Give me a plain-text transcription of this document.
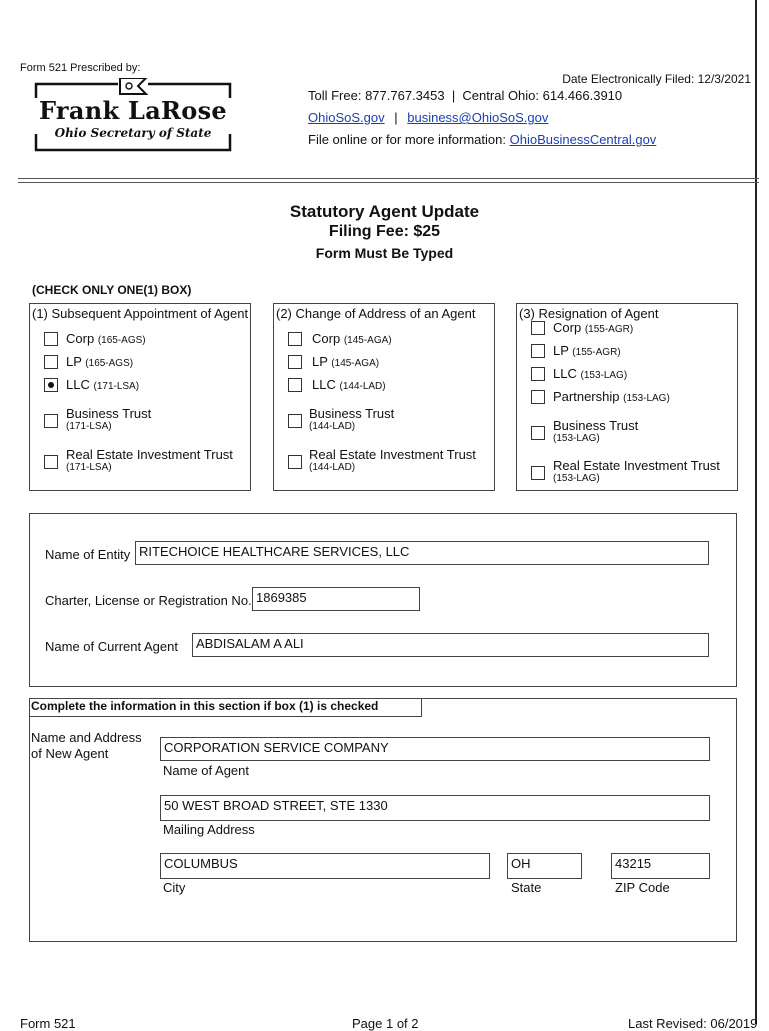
Form 521 Prescribed by:
Frank LaRose
Ohio Secretary of State
Date Electronically Filed: 12/3/2021
Toll Free: 877.767.3453  |  Central Ohio: 614.466.3910
OhioSoS.gov | business@OhioSoS.gov
File online or for more information: OhioBusinessCentral.gov
Statutory Agent Update
Filing Fee: $25
Form Must Be Typed
(CHECK ONLY ONE(1) BOX)
(1) Subsequent Appointment of Agent
Corp (165-AGS)
LP (165-AGS)
LLC (171-LSA)
Business Trust
(171-LSA)
Real Estate Investment Trust
(171-LSA)
(2) Change of Address of an Agent
Corp (145-AGA)
LP (145-AGA)
LLC (144-LAD)
Business Trust
(144-LAD)
Real Estate Investment Trust
(144-LAD)
(3) Resignation of Agent
Corp (155-AGR)
LP (155-AGR)
LLC (153-LAG)
Partnership (153-LAG)
Business Trust
(153-LAG)
Real Estate Investment Trust
(153-LAG)
Name of Entity RITECHOICE HEALTHCARE SERVICES, LLC
Charter, License or Registration No. 1869385
Name of Current Agent	ABDISALAM A ALI
Complete the information in this section if box (1) is checked
Name and Address
of New Agent	CORPORATION SERVICE COMPANY
Name of Agent
50 WEST BROAD STREET, STE 1330
Mailing Address
COLUMBUS
City
OH
State
43215
ZIP Code
Form 521	Page 1 of 2	Last Revised: 06/2019
